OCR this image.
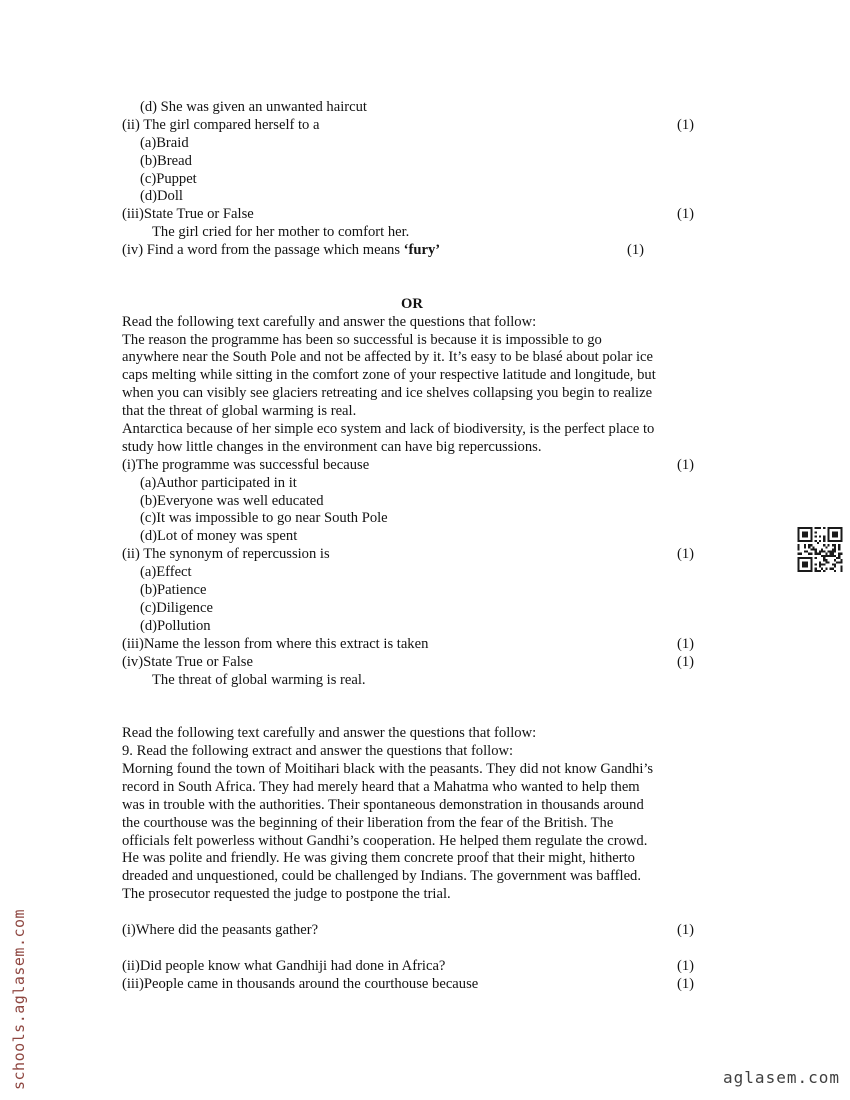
(d) She was given an unwanted haircut
(ii) The girl compared herself to a	(1)
(a)Braid
(b)Bread
(c)Puppet
(d)Doll
(iii)State True or False	(1)
The girl cried for her mother to comfort her.
(iv) Find a word from the passage which means ‘fury’	(1)
OR
Read the following text carefully and answer the questions that follow:
The reason the programme has been so successful is because it is impossible to go
anywhere near the South Pole and not be affected by it. It’s easy to be blasé about polar ice
caps melting while sitting in the comfort zone of your respective latitude and longitude, but
when you can visibly see glaciers retreating and ice shelves collapsing you begin to realize
that the threat of global warming is real.
Antarctica because of her simple eco system and lack of biodiversity, is the perfect place to
study how little changes in the environment can have big repercussions.
(i)The programme was successful because	(1)
(a)Author participated in it
(b)Everyone was well educated
(c)It was impossible to go near South Pole
(d)Lot of money was spent
(ii) The synonym of repercussion is	(1)
(a)Effect
(b)Patience
(c)Diligence
(d)Pollution
(iii)Name the lesson from where this extract is taken	(1)
(iv)State True or False	(1)
The threat of global warming is real.
Read the following text carefully and answer the questions that follow:
9. Read the following extract and answer the questions that follow:
Morning found the town of Moitihari black with the peasants. They did not know Gandhi’s
record in South Africa. They had merely heard that a Mahatma who wanted to help them
was in trouble with the authorities. Their spontaneous demonstration in thousands around
the courthouse was the beginning of their liberation from the fear of the British. The
officials felt powerless without Gandhi’s cooperation. He helped them regulate the crowd.
He was polite and friendly. He was giving them concrete proof that their might, hitherto
dreaded and unquestioned, could be challenged by Indians. The government was baffled.
The prosecutor requested the judge to postpone the trial.
(i)Where did the peasants gather?	(1)
(ii)Did people know what Gandhiji had done in Africa?	(1)
(iii)People came in thousands around the courthouse because	(1)
schools.aglasem.com	aglasem.com
